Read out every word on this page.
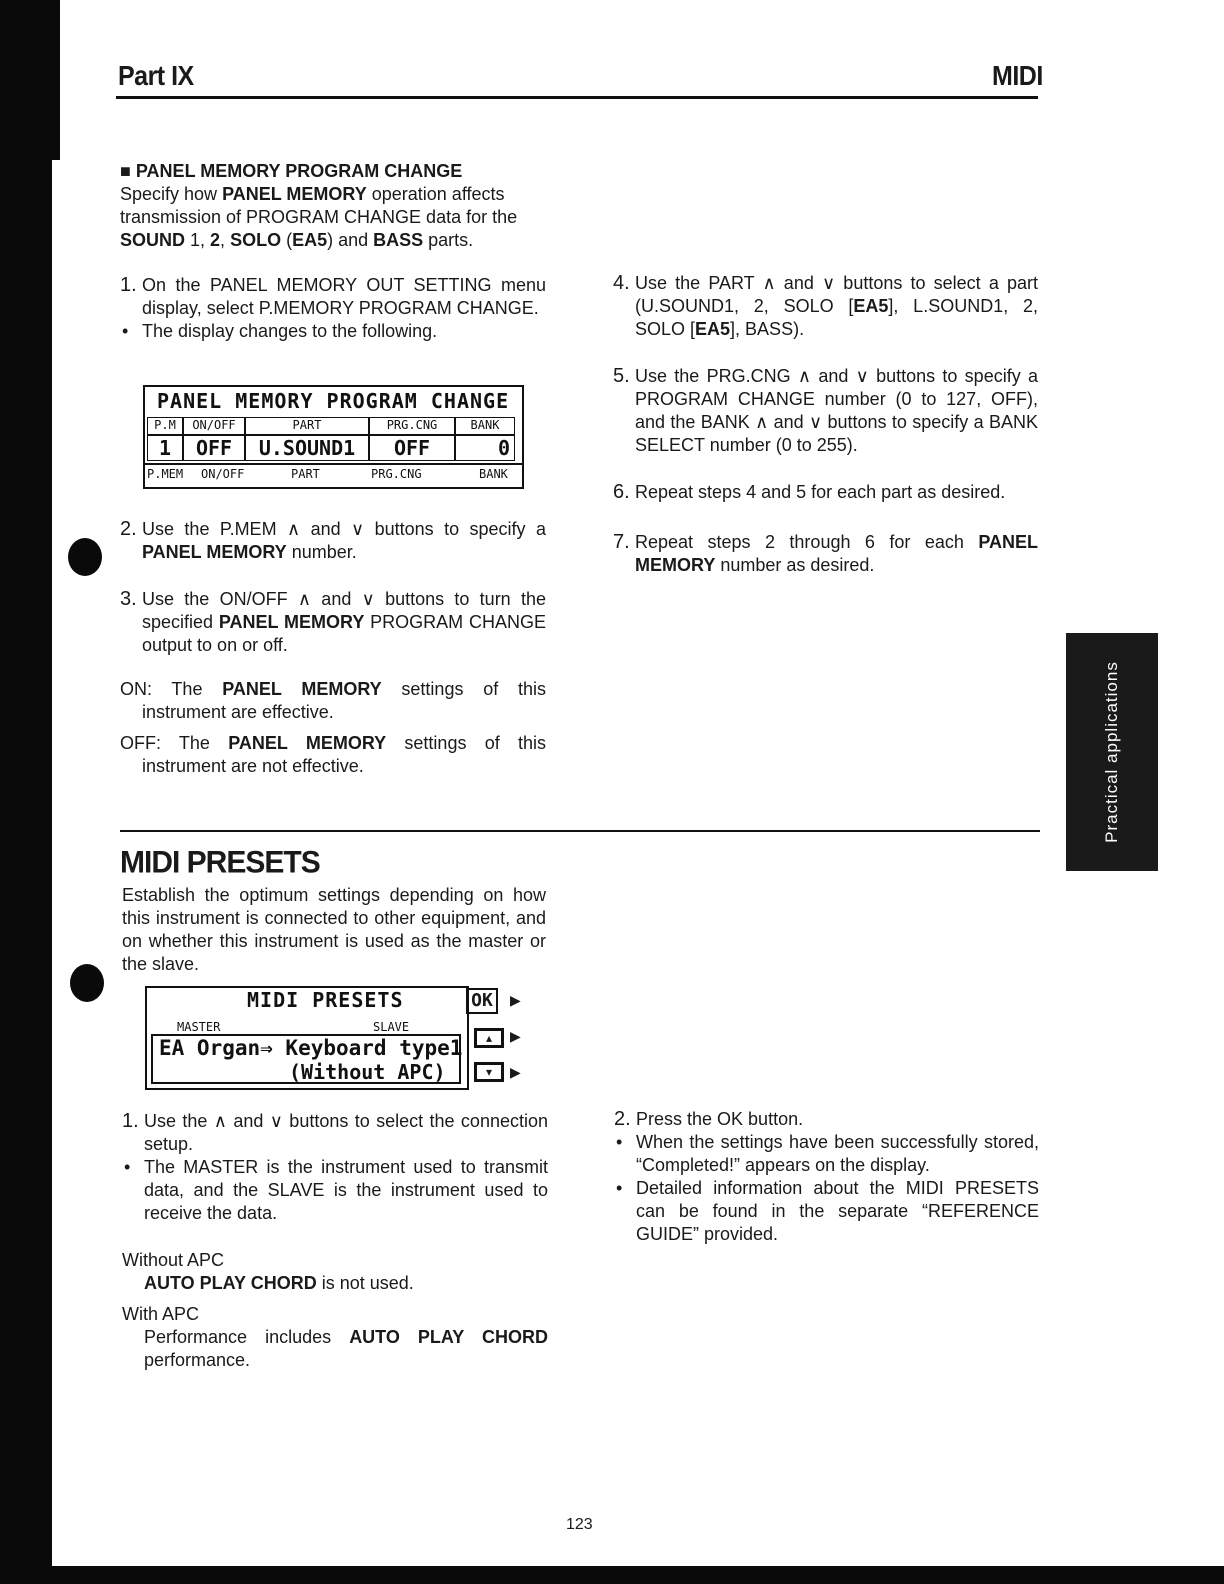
Part IX	MIDI

■ PANEL MEMORY PROGRAM CHANGE

Specify how PANEL MEMORY operation affects transmission of PROGRAM CHANGE data for the SOUND 1, 2, SOLO (EA5) and BASS parts.

1. On the PANEL MEMORY OUT SETTING menu display, select P.MEMORY PROGRAM CHANGE.

• The display changes to the following.

PANEL MEMORY PROGRAM CHANGE
P.M	ON/OFF	PART	PRG.CNG	BANK
1	OFF	U.SOUND1	OFF	0
P.MEM ON/OFF	PART	PRG.CNG	BANK

2. Use the P.MEM ∧ and ∨ buttons to specify a PANEL MEMORY number.

3. Use the ON/OFF ∧ and ∨ buttons to turn the specified PANEL MEMORY PROGRAM CHANGE output to on or off.

ON: The PANEL MEMORY settings of this instrument are effective.

OFF: The PANEL MEMORY settings of this instrument are not effective.

4. Use the PART ∧ and ∨ buttons to select a part (U.SOUND1, 2, SOLO [EA5], L.SOUND1, 2, SOLO [EA5], BASS).

5. Use the PRG.CNG ∧ and ∨ buttons to specify a PROGRAM CHANGE number (0 to 127, OFF), and the BANK ∧ and ∨ buttons to specify a BANK SELECT number (0 to 255).

6. Repeat steps 4 and 5 for each part as desired.

7. Repeat steps 2 through 6 for each PANEL MEMORY number as desired.

Practical applications
MIDI PRESETS

Establish the optimum settings depending on how this instrument is connected to other equipment, and on whether this instrument is used as the master or the slave.

MIDI PRESETS
MASTER	SLAVE
EA Organ⇒ Keyboard type1
(Without APC)
OK	▶
▴	▶
▾	▶

1. Use the ∧ and ∨ buttons to select the connection setup.

• The MASTER is the instrument used to transmit data, and the SLAVE is the instrument used to receive the data.

Without APC

AUTO PLAY CHORD is not used.

With APC

Performance includes AUTO PLAY CHORD performance.

2. Press the OK button.

• When the settings have been successfully stored, “Completed!” appears on the display.

• Detailed information about the MIDI PRESETS can be found in the separate “REFERENCE GUIDE” provided.

123
